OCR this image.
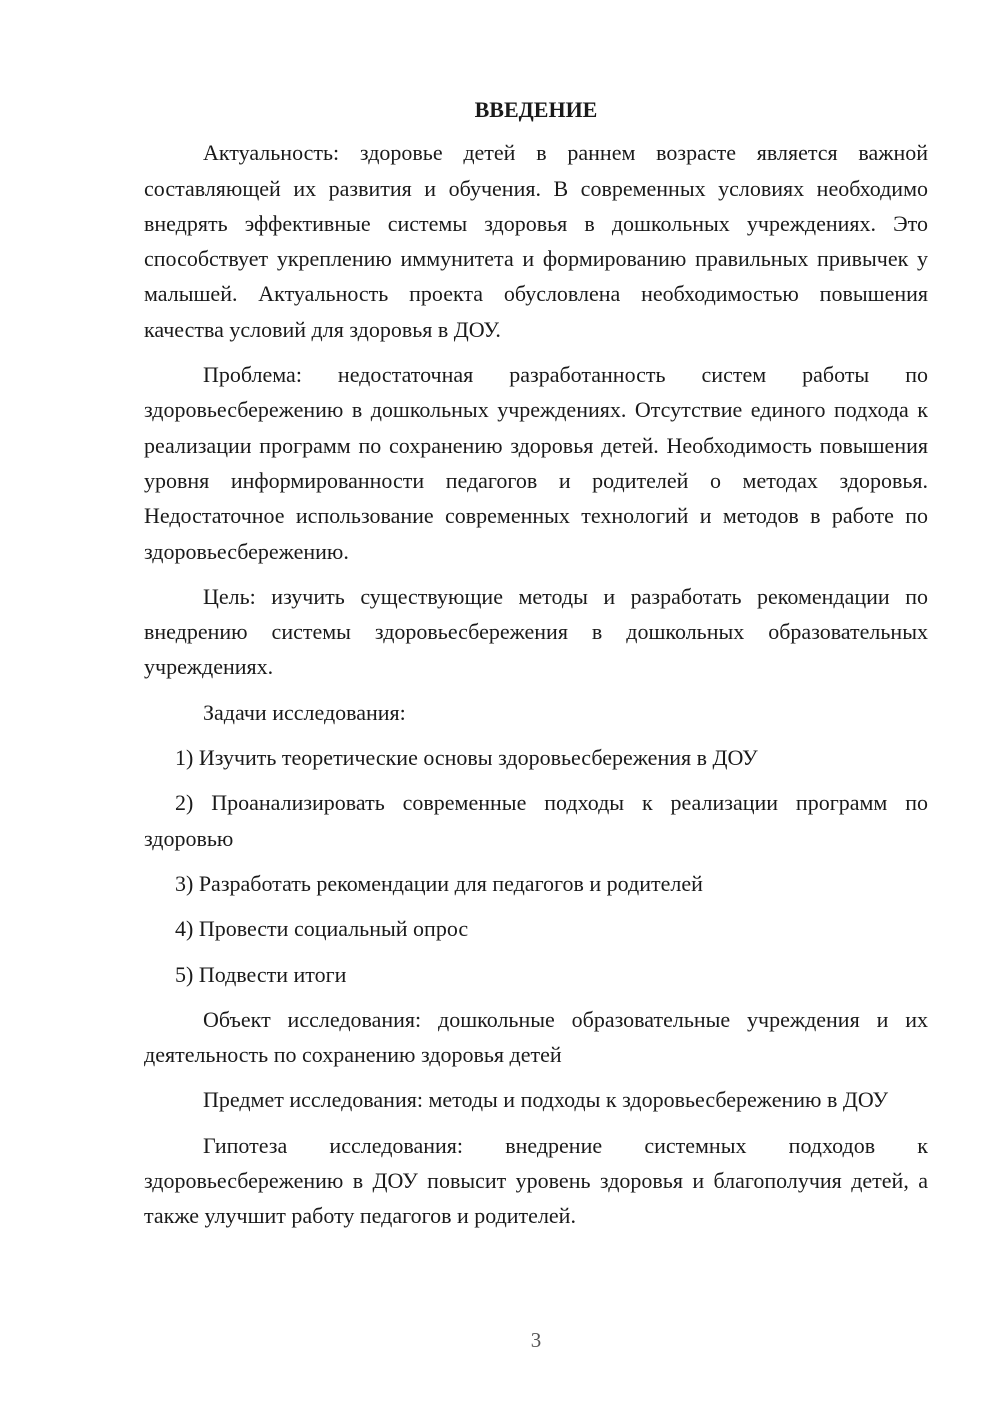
ВВЕДЕНИЕ

Актуальность: здоровье детей в раннем возрасте является важной составляющей их развития и обучения. В современных условиях необходимо внедрять эффективные системы здоровья в дошкольных учреждениях. Это способствует укреплению иммунитета и формированию правильных привычек у малышей. Актуальность проекта обусловлена необходимостью повышения качества условий для здоровья в ДОУ.

Проблема: недостаточная разработанность систем работы по здоровьесбережению в дошкольных учреждениях. Отсутствие единого подхода к реализации программ по сохранению здоровья детей. Необходимость повышения уровня информированности педагогов и родителей о методах здоровья. Недостаточное использование современных технологий и методов в работе по здоровьесбережению.

Цель: изучить существующие методы и разработать рекомендации по внедрению системы здоровьесбережения в дошкольных образовательных учреждениях.

Задачи исследования:

1) Изучить теоретические основы здоровьесбережения в ДОУ

2) Проанализировать современные подходы к реализации программ по здоровью

3) Разработать рекомендации для педагогов и родителей

4) Провести социальный опрос

5) Подвести итоги

Объект исследования: дошкольные образовательные учреждения и их деятельность по сохранению здоровья детей

Предмет исследования: методы и подходы к здоровьесбережению в ДОУ

Гипотеза исследования: внедрение системных подходов к здоровьесбережению в ДОУ повысит уровень здоровья и благополучия детей, а также улучшит работу педагогов и родителей.

3
